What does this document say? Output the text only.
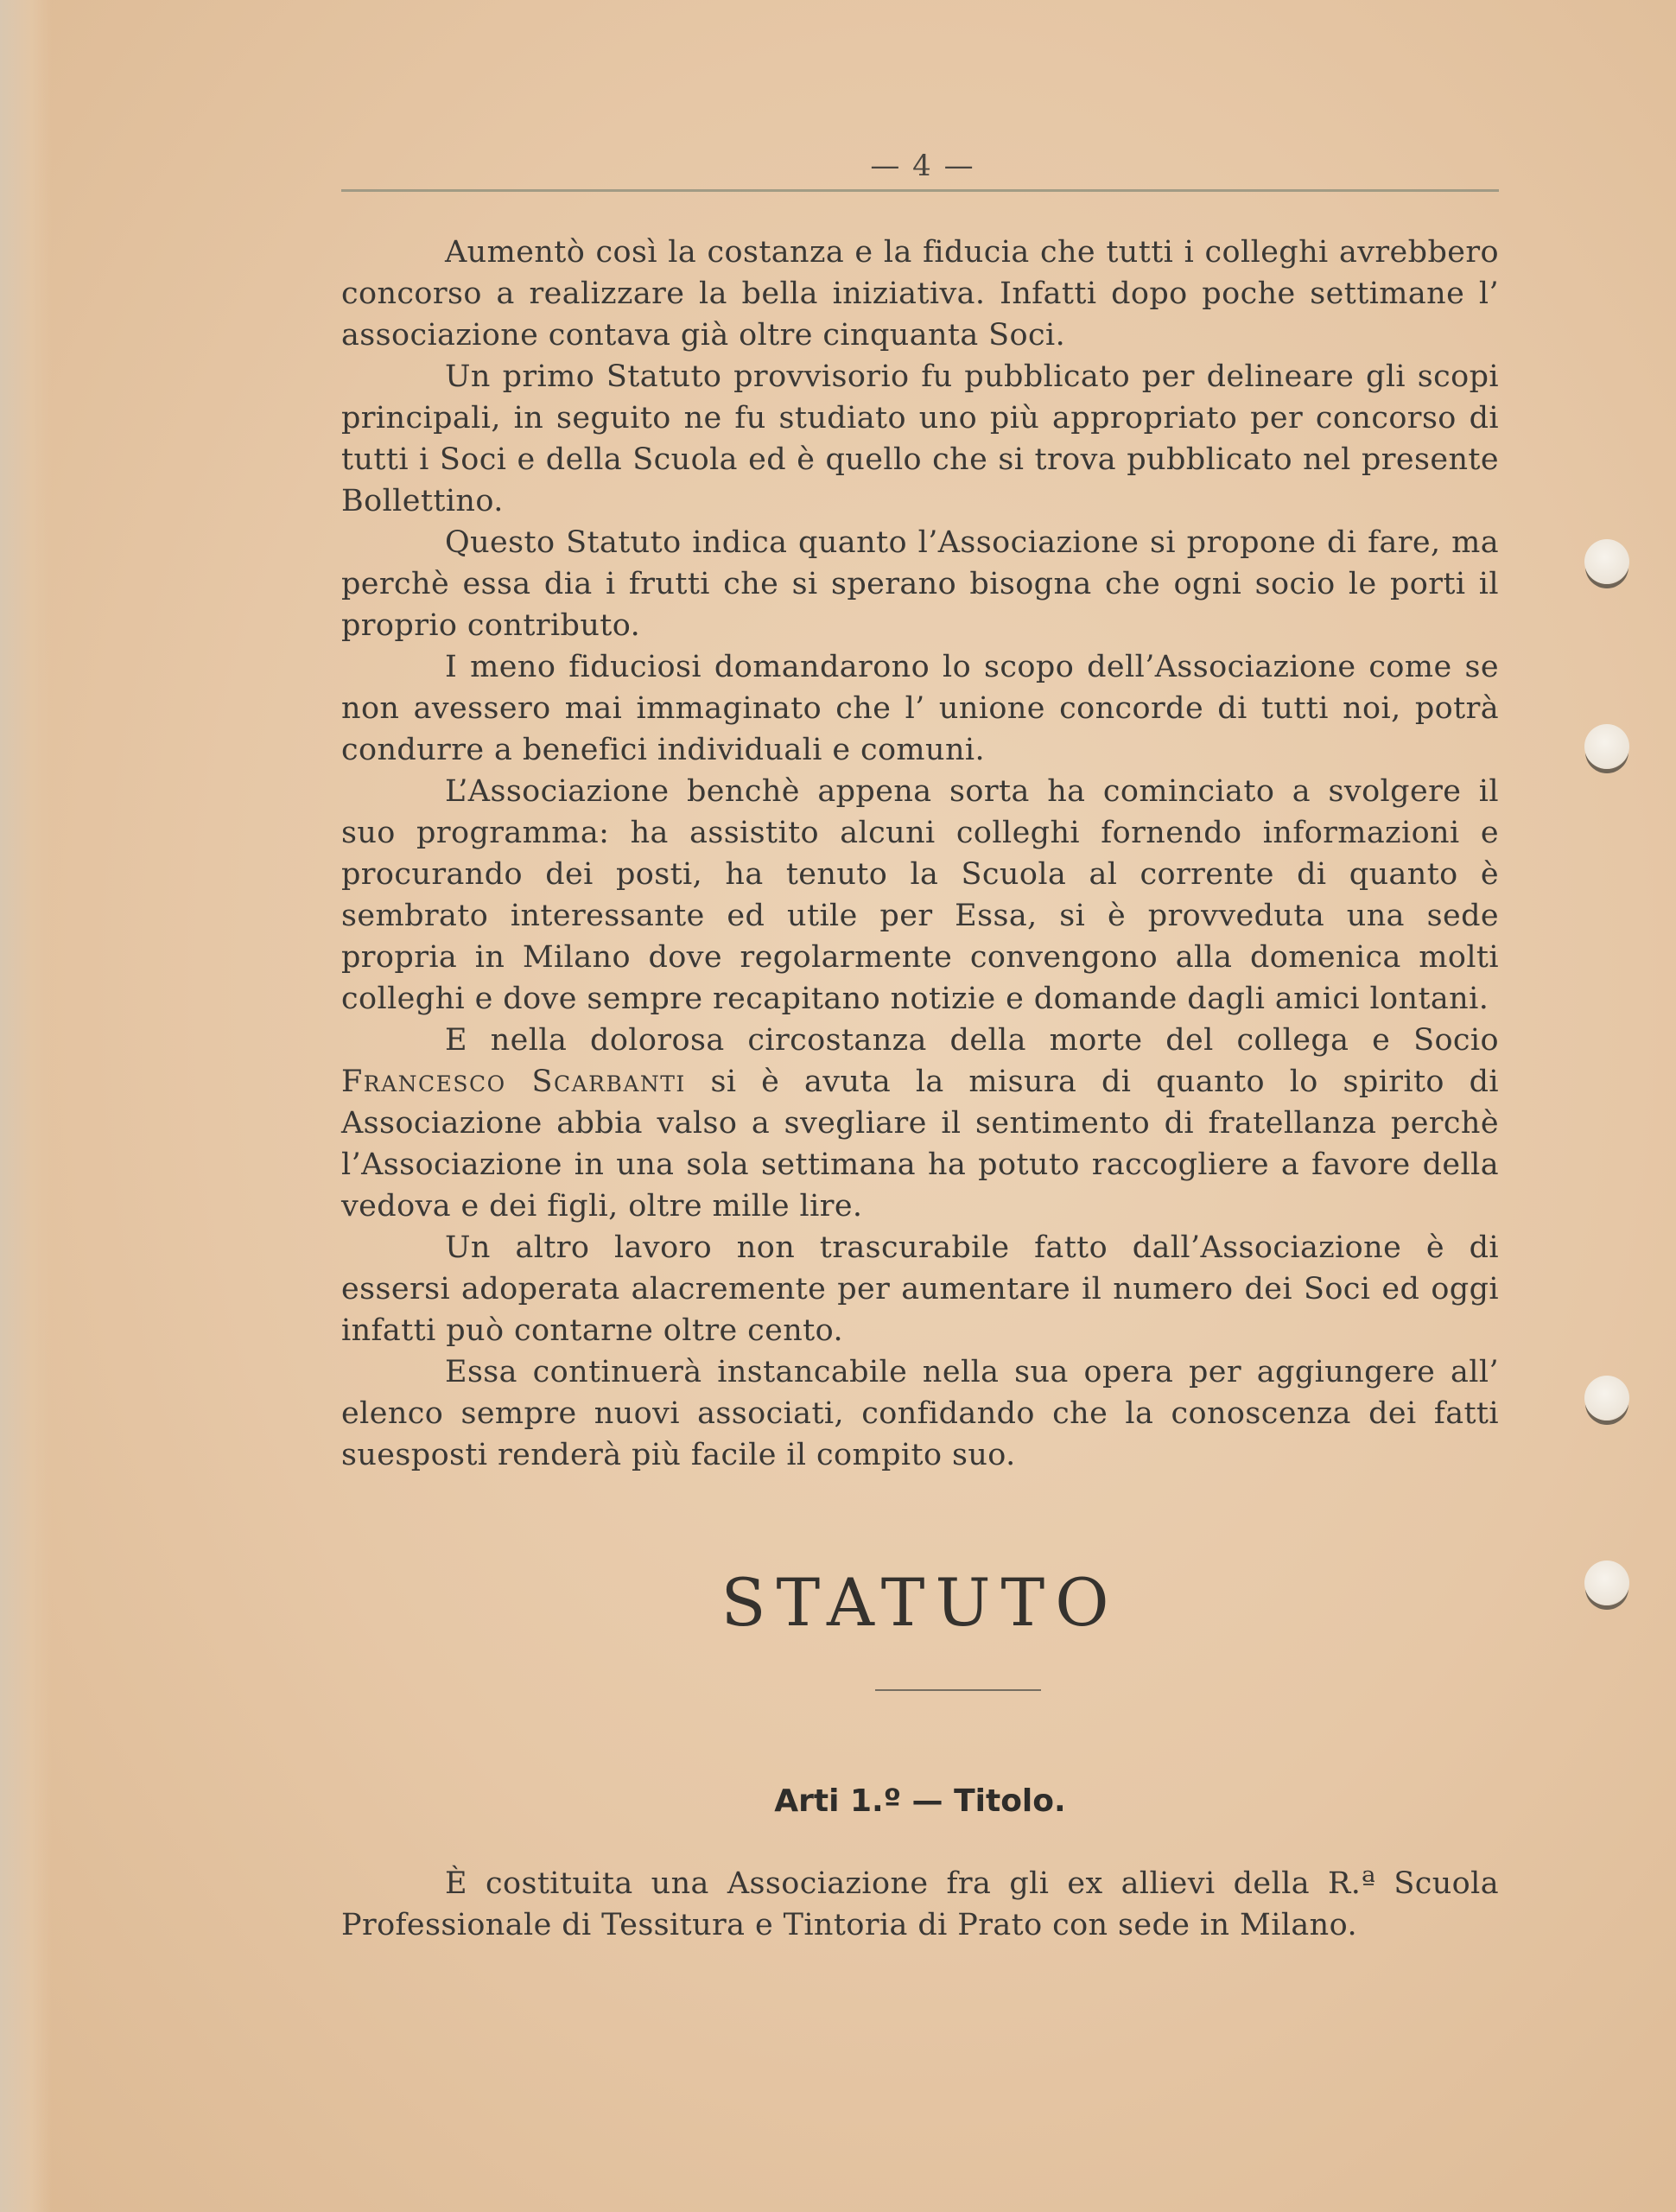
— 4 —

Aumentò così la costanza e la fiducia che tutti i colleghi avrebbero concorso a realizzare la bella iniziativa. Infatti dopo poche settimane l’ associazione contava già oltre cinquanta Soci.

Un primo Statuto provvisorio fu pubblicato per delineare gli scopi principali, in seguito ne fu studiato uno più appropriato per concorso di tutti i Soci e della Scuola ed è quello che si trova pubblicato nel presente Bollettino.

Questo Statuto indica quanto l’Associazione si propone di fare, ma perchè essa dia i frutti che si sperano bisogna che ogni socio le porti il proprio contributo.

I meno fiduciosi domandarono lo scopo dell’Associazione come se non avessero mai immaginato che l’ unione concorde di tutti noi, potrà condurre a benefici individuali e comuni.

L’Associazione benchè appena sorta ha cominciato a svolgere il suo programma: ha assistito alcuni colleghi fornendo informazioni e procurando dei posti, ha tenuto la Scuola al corrente di quanto è sembrato interessante ed utile per Essa, si è provveduta una sede propria in Milano dove regolarmente convengono alla domenica molti colleghi e dove sempre recapitano notizie e domande dagli amici lontani.

E nella dolorosa circostanza della morte del collega e Socio Francesco Scarbanti si è avuta la misura di quanto lo spirito di Associazione abbia valso a svegliare il sentimento di fratellanza perchè l’Associazione in una sola settimana ha potuto raccogliere a favore della vedova e dei figli, oltre mille lire.

Un altro lavoro non trascurabile fatto dall’Associazione è di essersi adoperata alacremente per aumentare il numero dei Soci ed oggi infatti può contarne oltre cento.

Essa continuerà instancabile nella sua opera per aggiungere all’ elenco sempre nuovi associati, confidando che la conoscenza dei fatti suesposti renderà più facile il compito suo.

STATUTO
Arti 1.º — Titolo.

È costituita una Associazione fra gli ex allievi della R.ª Scuola Professionale di Tessitura e Tintoria di Prato con sede in Milano.
